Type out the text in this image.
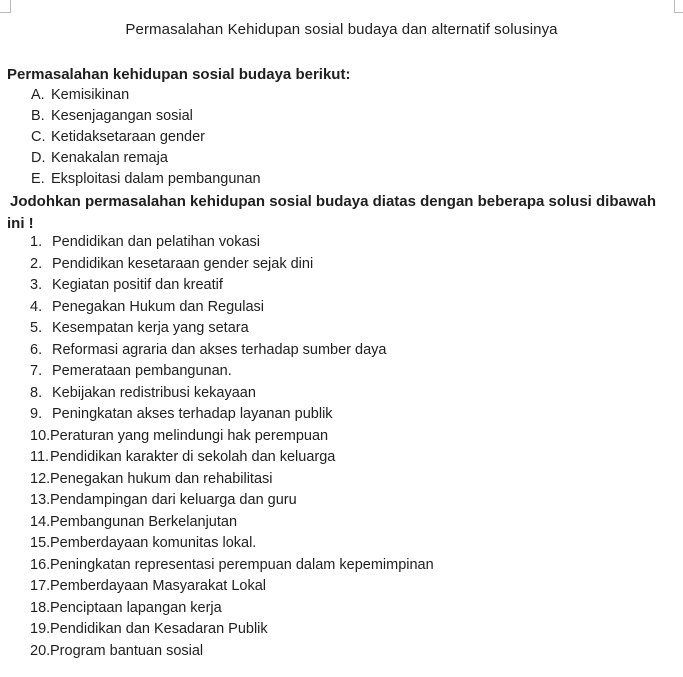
Permasalahan Kehidupan sosial budaya dan alternatif solusinya

Permasalahan kehidupan sosial budaya berikut:

A. Kemisikinan
B. Kesenjagangan sosial
C. Ketidaksetaraan gender
D. Kenakalan remaja
E. Eksploitasi dalam pembangunan

Jodohkan permasalahan kehidupan sosial budaya diatas dengan beberapa solusi dibawah
ini !

1. Pendidikan dan pelatihan vokasi
2. Pendidikan kesetaraan gender sejak dini
3. Kegiatan positif dan kreatif
4. Penegakan Hukum dan Regulasi
5. Kesempatan kerja yang setara
6. Reformasi agraria dan akses terhadap sumber daya
7. Pemerataan pembangunan.
8. Kebijakan redistribusi kekayaan
9. Peningkatan akses terhadap layanan publik
10. Peraturan yang melindungi hak perempuan
11. Pendidikan karakter di sekolah dan keluarga
12. Penegakan hukum dan rehabilitasi
13. Pendampingan dari keluarga dan guru
14. Pembangunan Berkelanjutan
15. Pemberdayaan komunitas lokal.
16. Peningkatan representasi perempuan dalam kepemimpinan
17. Pemberdayaan Masyarakat Lokal
18. Penciptaan lapangan kerja
19. Pendidikan dan Kesadaran Publik
20. Program bantuan sosial
